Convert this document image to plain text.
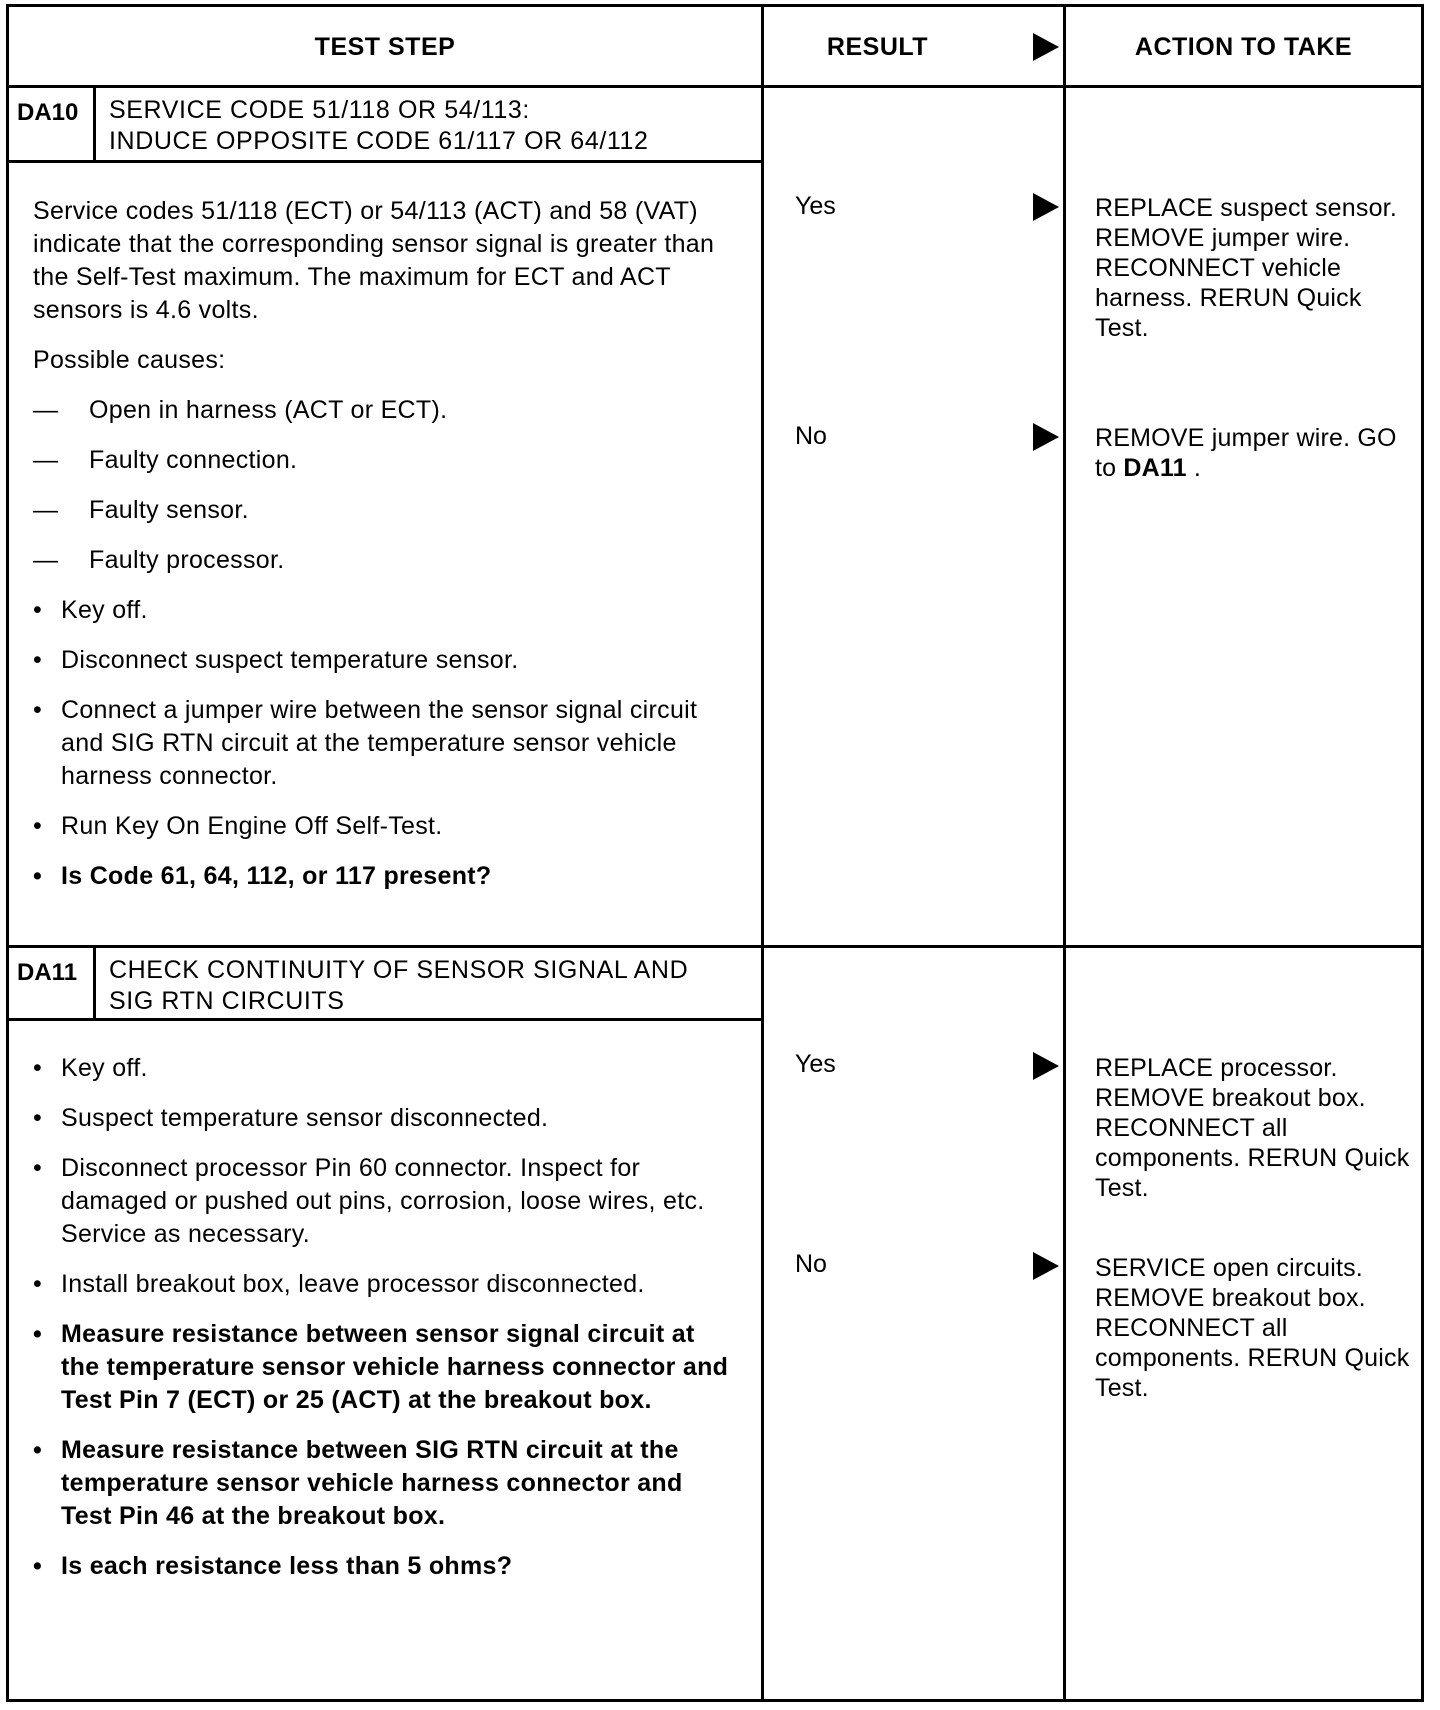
TEST STEP	RESULT	ACTION TO TAKE
DA10 SERVICE CODE 51/118 OR 54/113:
INDUCE OPPOSITE CODE 61/117 OR 64/112

Service codes 51/118 (ECT) or 54/113 (ACT) and 58 (VAT) indicate that the corresponding sensor signal is greater than the Self-Test maximum. The maximum for ECT and ACT sensors is 4.6 volts.

Possible causes:

—	Open in harness (ACT or ECT).
—	Faulty connection.
—	Faulty sensor.
—	Faulty processor.
• Key off.
• Disconnect suspect temperature sensor.
• Connect a jumper wire between the sensor signal circuit and SIG RTN circuit at the temperature sensor vehicle harness connector.
• Run Key On Engine Off Self-Test.
• Is Code 61, 64, 112, or 117 present?
Yes	REPLACE suspect sensor. REMOVE jumper wire. RECONNECT vehicle harness. RERUN Quick Test.
No	REMOVE jumper wire. GO to DA11 .
DA11 CHECK CONTINUITY OF SENSOR SIGNAL AND
SIG RTN CIRCUITS
• Key off.
• Suspect temperature sensor disconnected.
• Disconnect processor Pin 60 connector. Inspect for damaged or pushed out pins, corrosion, loose wires, etc. Service as necessary.
• Install breakout box, leave processor disconnected.
• Measure resistance between sensor signal circuit at the temperature sensor vehicle harness connector and Test Pin 7 (ECT) or 25 (ACT) at the breakout box.
• Measure resistance between SIG RTN circuit at the temperature sensor vehicle harness connector and Test Pin 46 at the breakout box.
• Is each resistance less than 5 ohms?
Yes	REPLACE processor. REMOVE breakout box. RECONNECT all components. RERUN Quick Test.
No	SERVICE open circuits. REMOVE breakout box. RECONNECT all components. RERUN Quick Test.
